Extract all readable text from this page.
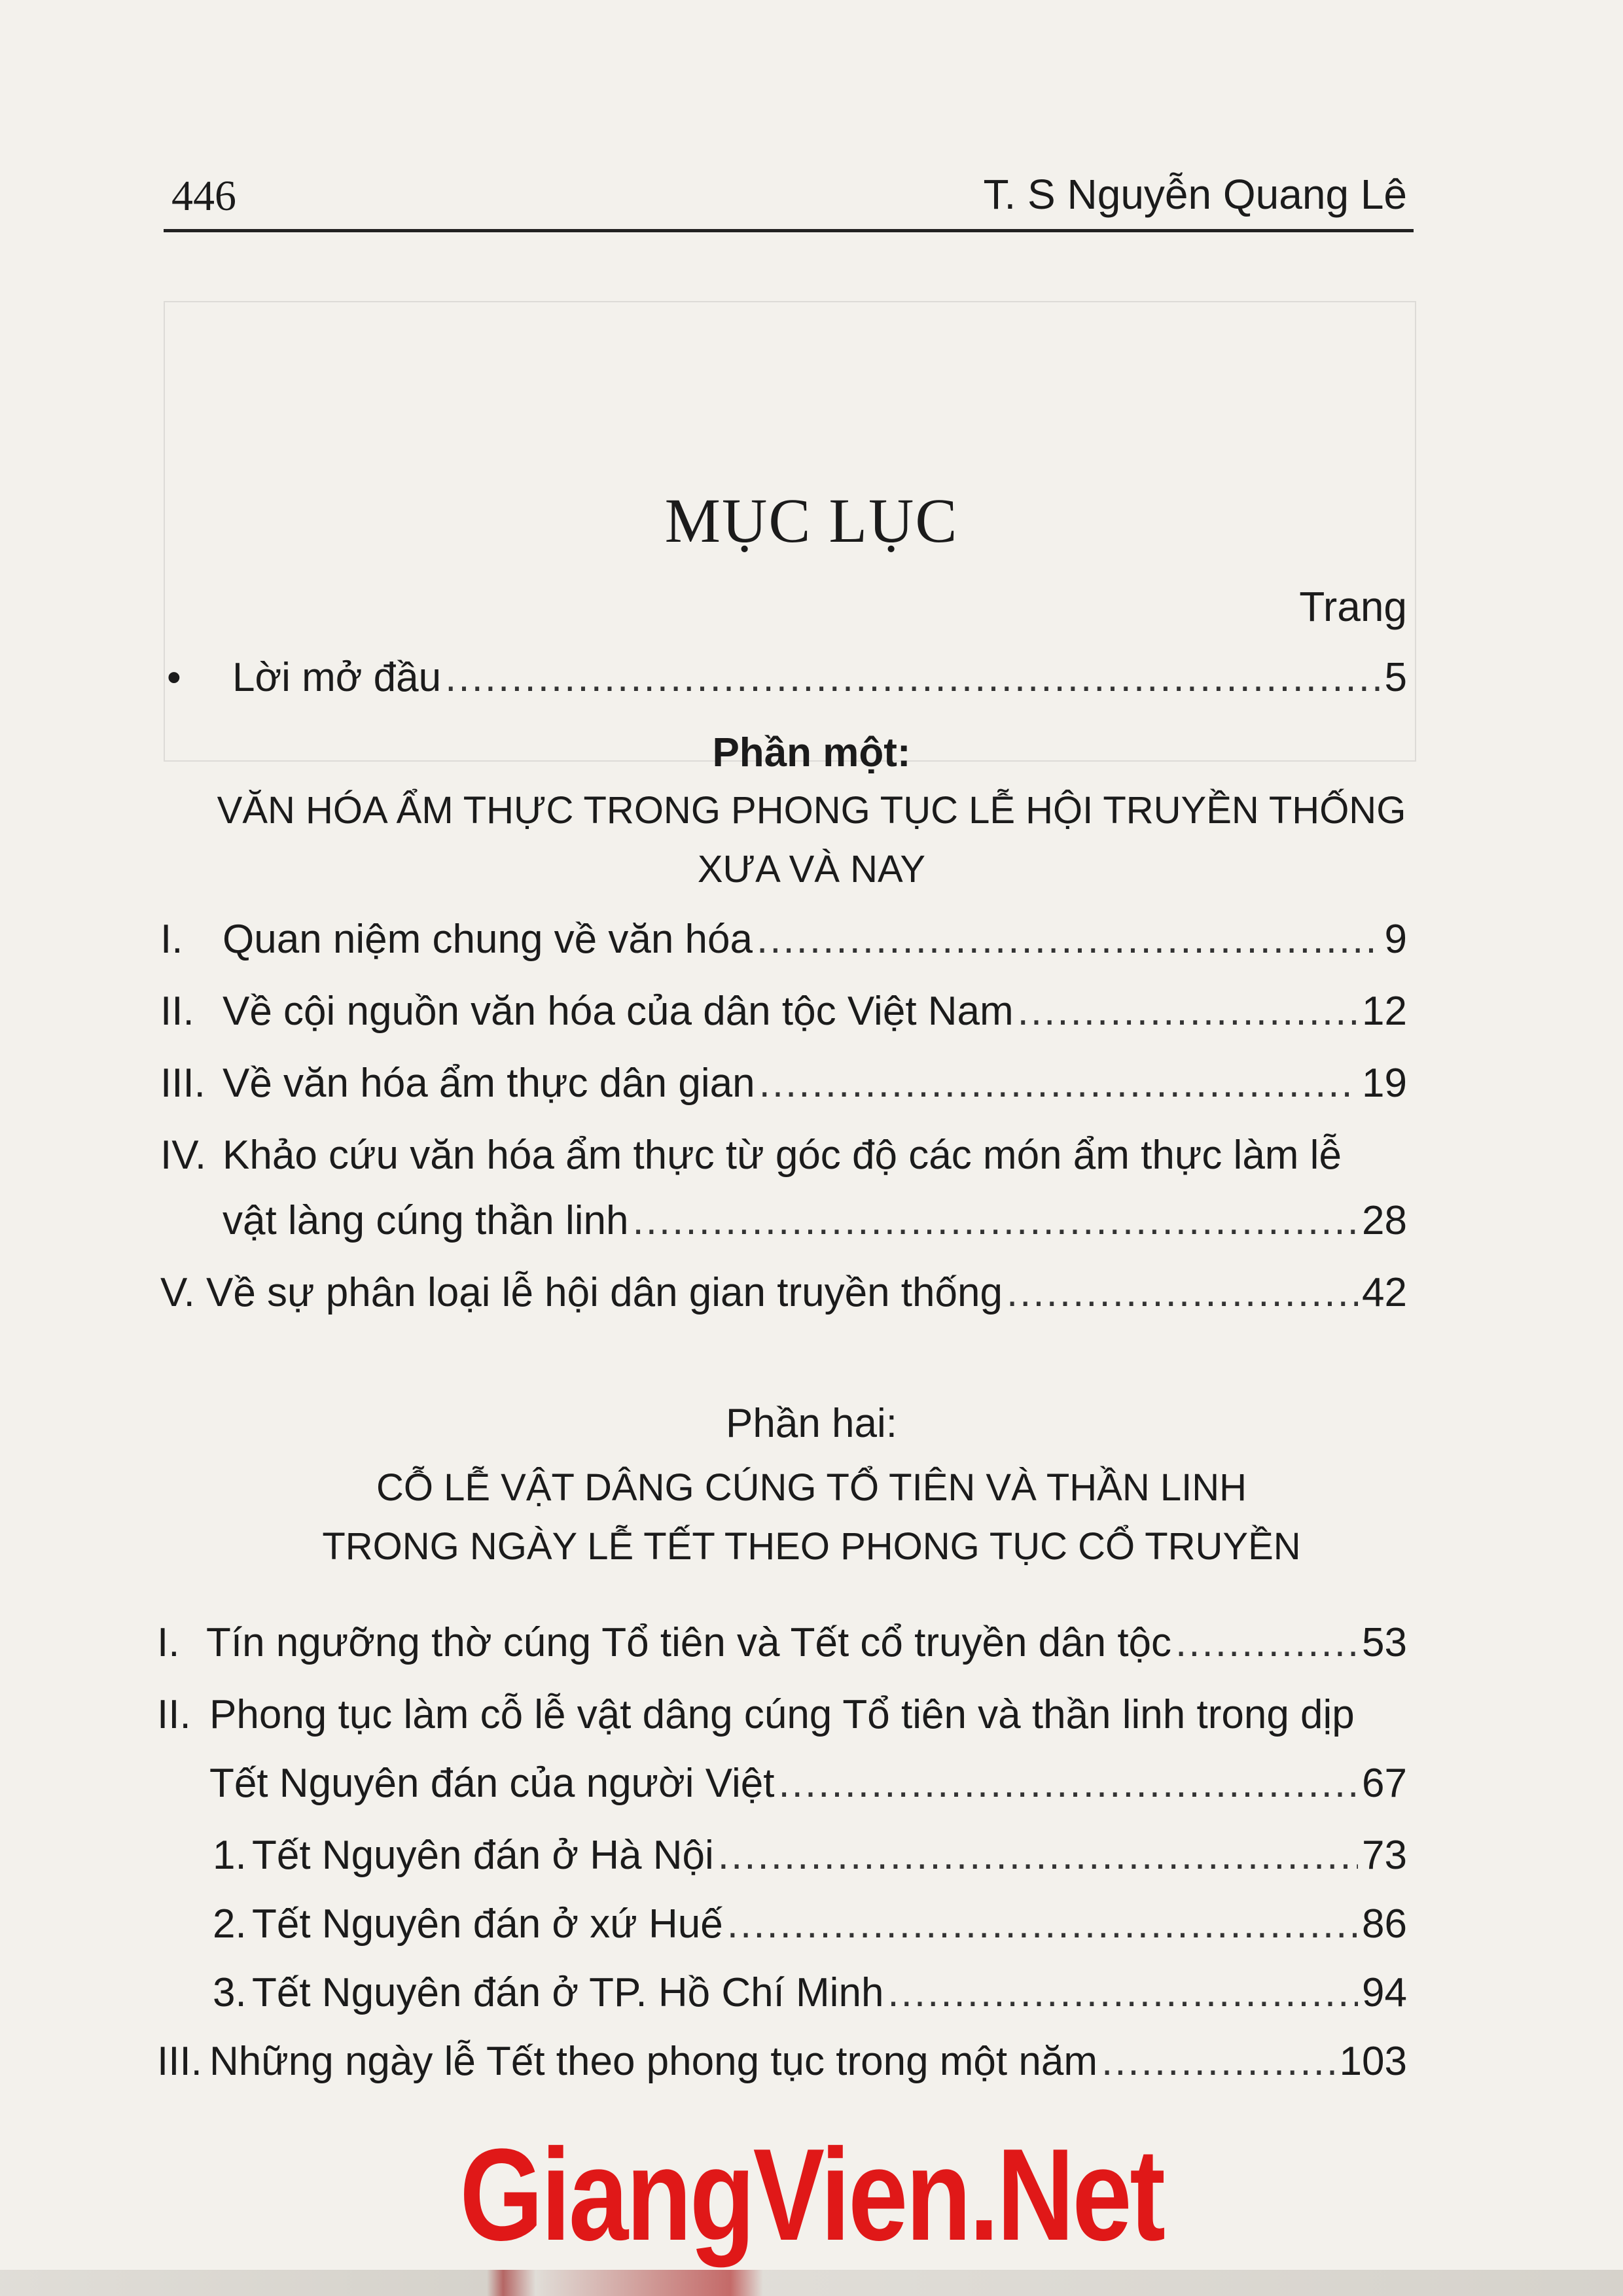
446	T. S Nguyễn Quang Lê
MỤC LỤC
Trang
•	Lời mở đầu .....	5
Phần một:
VĂN HÓA ẨM THỰC TRONG PHONG TỤC LỄ HỘI TRUYỀN THỐNG
XƯA VÀ NAY
I. Quan niệm chung về văn hóa .....	9
II. Về cội nguồn văn hóa của dân tộc Việt Nam .....	12
III. Về văn hóa ẩm thực dân gian .....	19
IV. Khảo cứu văn hóa ẩm thực từ góc độ các món ẩm thực làm lễ
vật làng cúng thần linh .....	28
V. Về sự phân loại lễ hội dân gian truyền thống .....	42
Phần hai:
CỖ LỄ VẬT DÂNG CÚNG TỔ TIÊN VÀ THẦN LINH
TRONG NGÀY LỄ TẾT THEO PHONG TỤC CỔ TRUYỀN
I. Tín ngưỡng thờ cúng Tổ tiên và Tết cổ truyền dân tộc .....	53
II. Phong tục làm cỗ lễ vật dâng cúng Tổ tiên và thần linh trong dịp
Tết Nguyên đán của người Việt .....	67
1. Tết Nguyên đán ở Hà Nội .....	73
2. Tết Nguyên đán ở xứ Huế .....	86
3. Tết Nguyên đán ở TP. Hồ Chí Minh .....	94
III. Những ngày lễ Tết theo phong tục trong một năm .....	103
GiangVien.Net
